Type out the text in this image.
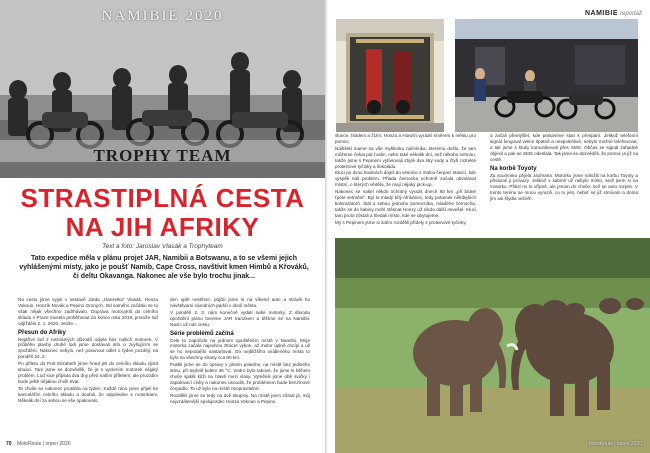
NAMIBIE 2020
TROPHY TEAM
STRASTIPLNÁ CESTA
NA JIH AFRIKY
Text a foto: Jaroslav Vlasák a Trophyteam
Tato expedice měla v plánu projet JAR, Namibii a Botswanu, a to se všemi jejich vyhlášenými místy, jako je poušť Namib, Cape Cross, navštívit kmen Himbů a Křováků, či deltu Okavanga. Nakonec ale vše bylo trochu jinak...

Na cestu jsme vyjeli v sestavě Jarda „Hanzelka" Vlasák, Honza Vokoun, Honzík Novák a Pepino Gronych. Od samého začátku se to však nějak všechno zadrhávalo. Doprava motocyklů do celního skladu v Praze musela proběhnout do konce roku 2019, protože loď odjížděla 2. 1. 2020. Jenže…

Přesun do Afriky

Nejdříve loď z neznámých důvodů odjela bez našich motorek. V průběhu plavby druhé lodi jsme dostávali info o zvyšujícím se zpoždění. Nakonec nebylo, než posunout odlet o týden později, na pondělí 24. 2.

Po příletu do Port Elizabeth jsme hned jeli do celního skladu zjistit situaci. Tam jsme se dozvěděli, že je s vyclením motorek nějaký problém. Loď sice připlula dva dny před naším příletem, ale prozatím bude ještě nějakou chvíli trvat.

Ta chvíle se nakonec protáhla na týden. Každé ráno jsme přijeli ke kancelářím celního skladu a doufali, že odpoledne s motorkami. Několik dní za sebou se vše opakovalo.

den opět nestihne, půjčili jsme si na víkend auto a strávili ho návštěvami národních parků v okolí města.

V pondělí 2. 3. nám konečně vydali naše motorky. Z důvodu opoždění plánu bereme JAR tranzitem a těšíme se na Namibii. Navíc už nás cestu.

Série problémů začíná

Cele to započalo na jednom opuštěném místě v Namibii. Moje motorka začala najednou ztrácet výkon, až motor úplně chcípl a už se ho nepodařilo nastartovat. Do nejbližšího osídleného místa to bylo na všechny strany cca 80 km.

Pustili jsme se do opravy v plném poledne, na místě bez jediného stínu, při teplotě kolem 36 °C. Vedro bylo takové, že jsme si během chvíle spálili kůži na hlavě mezi vlasy. Vyměnili jsme obě svíčky i zapalovací cívky a nakonec usoudili, že problémem bude benzínové čerpadlo. To už bylo na místě neopravitelné.

Rozdělili jsme se tedy na dvě skupiny. Na místě jsem zůstal já, můj nejvzdálenější spolujezdec Honza Vokoun a Pepino.

70 MotoRoute | srpen 2020
NAMIBIE reportáž

slunce, hladem a žízní. Honza a Honzín vyrazili směrem k městu pro pomoc.

Naštěstí mame na vše myšlenku náčelníka, kterému došlo, že tam můžeme čekat pár hodin, nebo také několik dní, než někoho sehnou, takže jsme s Pepinem vyfasovali zbylé dva litry vody a čtyři rozteklé proteinové tyčinky a šokoládu.

Kluci po dvou hodinách dojeli do vesnice s malou čerpací stanicí, kde vyspěli náš problém. Přiada černocha ochotně začala obvolávat místní, o kterých věděla, že mají nějaký pick-up.

Nakonec se našel někdo ochotný vyrazit dnech 80 km „při bídné ťpéte setmění". Byl to mladý bílý Afrikánec, tedy potomek někdejších kolonizátorů. Stál s sebou jednoho pomocníka, mladého černocha, takže se do kabiny mohl stěsnat Honzy už nikdo další nevešel. Kluci tam proto zůstali a hledali místo, kde se ubytujeme.

My s Pepinem jsme si zatím rozdělili přídely z proteinové tyčinky.

a začali přemýšlet, kde postavíme stan k přespání. Jelikož telefonní signál fungoval velice špatně a nespolehlivě, nebylo možné telefonovat, a tak jsme s kluky komunikovali přes SMS. Občas se signál zahadně objevil a pak se SMS odeslala. Tak jsme se dozvěděli, že pomoc je již na cestě.

Na korbě Toyoty

Za soumraku přijela záchrana. Motorku jsme naložili na korbu Toyoty a přivázali ji provazy. Jelikož v kabině už nebylo místo, sedl jsem si na motorku. Přitisl mi to vřípně, ale jenom do chvíle, než se auto rozjelo. V tomto terénu se mnou vyrazili, co to jelo, neboť se již stmívalo a doma jím asi štydla večeře.

MotoRoute | srpen 2020
